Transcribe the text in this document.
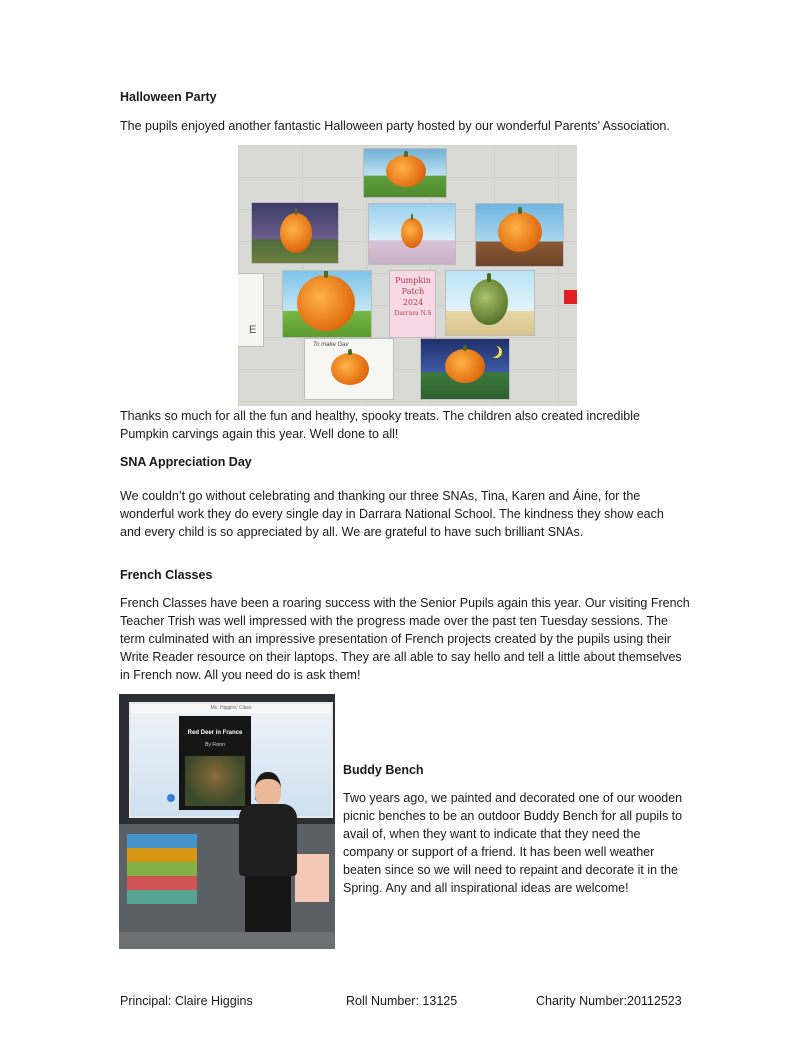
Halloween Party

The pupils enjoyed another fantastic Halloween party hosted by our wonderful Parents’ Association.

E
Pumpkin
Patch
2024
Darrara N.S
To make Gav

Thanks so much for all the fun and healthy, spooky treats. The children also created incredible Pumpkin carvings again this year. Well done to all!

SNA Appreciation Day

We couldn’t go without celebrating and thanking our three SNAs, Tina, Karen and Áine, for the wonderful work they do every single day in Darrara National School. The kindness they show each and every child is so appreciated by all. We are grateful to have such brilliant SNAs.

French Classes

French Classes have been a roaring success with the Senior Pupils again this year. Our visiting French Teacher Trish was well impressed with the progress made over the past ten Tuesday sessions. The term culminated with an impressive presentation of French projects created by the pupils using their Write Reader resource on their laptops. They are all able to say hello and tell a little about themselves in French now. All you need do is ask them!

Ms. Higgins' Class
Red Deer in France
By Fionn
Buddy Bench

Two years ago, we painted and decorated one of our wooden picnic benches to be an outdoor Buddy Bench for all pupils to avail of, when they want to indicate that they need the company or support of a friend. It has been well weather beaten since so we will need to repaint and decorate it in the Spring. Any and all inspirational ideas are welcome!

Principal: Claire Higgins	Roll Number: 13125	Charity Number:20112523
